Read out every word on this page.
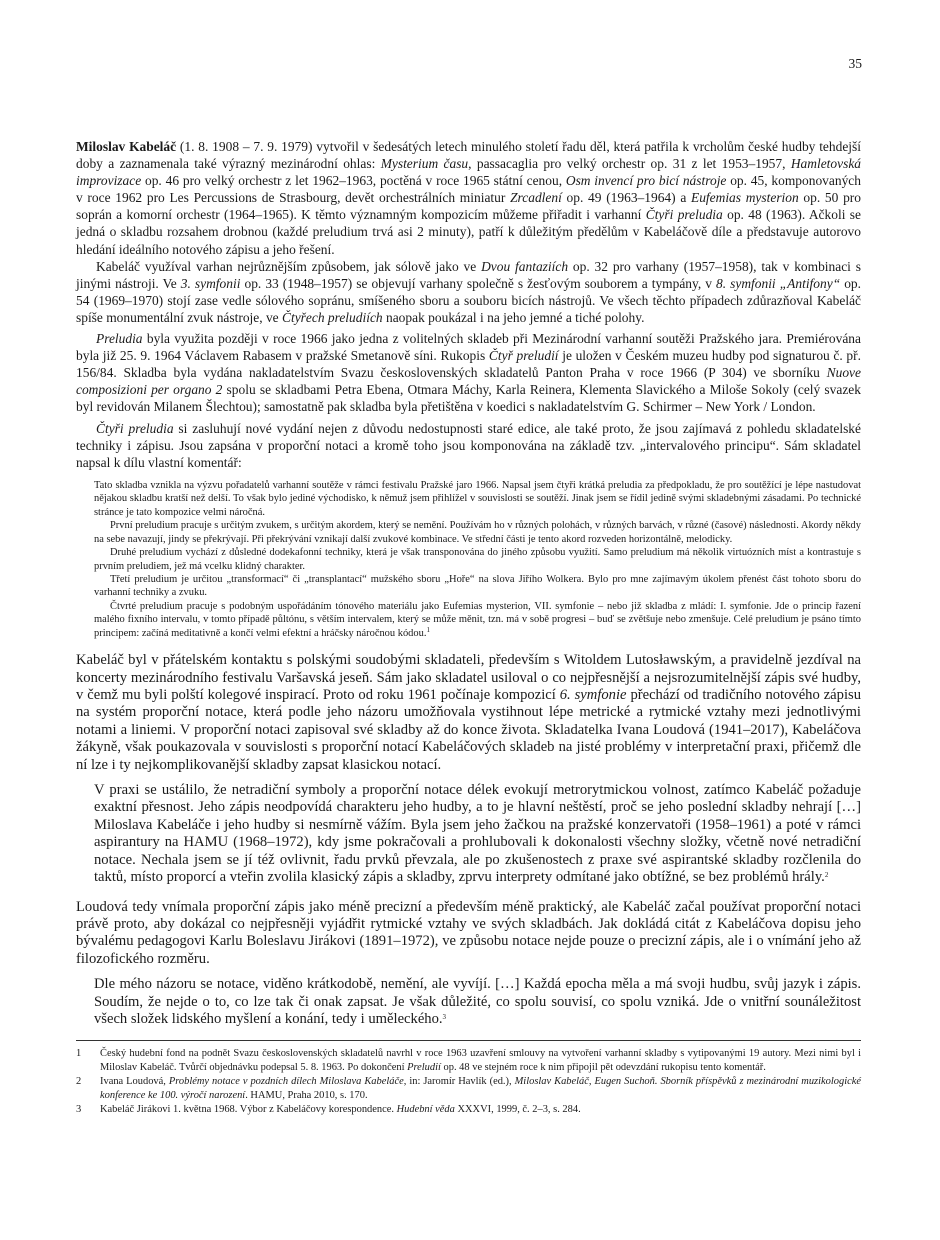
35

Miloslav Kabeláč (1. 8. 1908 – 7. 9. 1979) vytvořil v šedesátých letech minulého století řadu děl, která patřila k vrcholům české hudby tehdejší doby a zaznamenala také výrazný mezinárodní ohlas: Mysterium času, passacaglia pro velký orchestr op. 31 z let 1953–1957, Hamletovská improvizace op. 46 pro velký orchestr z let 1962–1963, poctěná v roce 1965 státní cenou, Osm invencí pro bicí nástroje op. 45, komponovaných v roce 1962 pro Les Percussions de Strasbourg, devět orchestrálních miniatur Zrcadlení op. 49 (1963–1964) a Eufemias mysterion op. 50 pro soprán a komorní orchestr (1964–1965). K těmto významným kompozicím můžeme přiřadit i varhanní Čtyři preludia op. 48 (1963). Ačkoli se jedná o skladbu rozsahem drobnou (každé preludium trvá asi 2 minuty), patří k důležitým předělům v Kabeláčově díle a představuje autorovo hledání ideálního notového zápisu a jeho řešení.

Kabeláč využíval varhan nejrůznějším způsobem, jak sólově jako ve Dvou fantaziích op. 32 pro varhany (1957–1958), tak v kombinaci s jinými nástroji. Ve 3. symfonii op. 33 (1948–1957) se objevují varhany společně s žesťovým souborem a tympány, v 8. symfonii „Antifony“ op. 54 (1969–1970) stojí zase vedle sólového sopránu, smíšeného sboru a souboru bicích nástrojů. Ve všech těchto případech zdůrazňoval Kabeláč spíše monumentální zvuk nástroje, ve Čtyřech preludiích naopak poukázal i na jeho jemné a tiché polohy.

Preludia byla využita později v roce 1966 jako jedna z volitelných skladeb při Mezinárodní varhanní soutěži Pražského jara. Premiérována byla již 25. 9. 1964 Václavem Rabasem v pražské Smetanově síni. Rukopis Čtyř preludií je uložen v Českém muzeu hudby pod signaturou č. př. 156/84. Skladba byla vydána nakladatelstvím Svazu československých skladatelů Panton Praha v roce 1966 (P 304) ve sborníku Nuove composizioni per organo 2 spolu se skladbami Petra Ebena, Otmara Máchy, Karla Reinera, Klementa Slavického a Miloše Sokoly (celý svazek byl revidován Milanem Šlechtou); samostatně pak skladba byla přetištěna v koedici s nakladatelstvím G. Schirmer – New York / London.

Čtyři preludia si zasluhují nové vydání nejen z důvodu nedostupnosti staré edice, ale také proto, že jsou zajímavá z pohledu skladatelské techniky i zápisu. Jsou zapsána v proporční notaci a kromě toho jsou komponována na základě tzv. „intervalového principu“. Sám skladatel napsal k dílu vlastní komentář:

Tato skladba vznikla na výzvu pořadatelů varhanní soutěže v rámci festivalu Pražské jaro 1966. Napsal jsem čtyři krátká preludia za předpokladu, že pro soutěžící je lépe nastudovat nějakou skladbu kratší než delší. To však bylo jediné východisko, k němuž jsem přihlížel v souvislosti se soutěží. Jinak jsem se řídil jedině svými skladebnými zásadami. Po technické stránce je tato kompozice velmi náročná.

První preludium pracuje s určitým zvukem, s určitým akordem, který se nemění. Používám ho v různých polohách, v různých barvách, v různé (časové) následnosti. Akordy někdy na sebe navazují, jindy se překrývají. Při překrývání vznikají další zvukové kombinace. Ve střední části je tento akord rozveden horizontálně, melodicky.

Druhé preludium vychází z důsledné dodekafonní techniky, která je však transponována do jiného způsobu využití. Samo preludium má několik virtuózních míst a kontrastuje s prvním preludiem, jež má vcelku klidný charakter.

Třetí preludium je určitou „transformací“ či „transplantací“ mužského sboru „Hoře“ na slova Jiřího Wolkera. Bylo pro mne zajímavým úkolem přenést část tohoto sboru do varhanní techniky a zvuku.

Čtvrté preludium pracuje s podobným uspořádáním tónového materiálu jako Eufemias mysterion, VII. symfonie – nebo již skladba z mládí: I. symfonie. Jde o princip řazení malého fixního intervalu, v tomto případě půltónu, s větším intervalem, který se může měnit, tzn. má v sobě progresi – buď se zvětšuje nebo zmenšuje. Celé preludium je psáno tímto principem: začíná meditativně a končí velmi efektní a hráčsky náročnou kódou.$^1$

Kabeláč byl v přátelském kontaktu s polskými soudobými skladateli, především s Witoldem Lutosławským, a pravidelně jezdíval na koncerty mezinárodního festivalu Varšavská jeseň. Sám jako skladatel usiloval o co nejpřesnější a nejsrozumitelnější zápis své hudby, v čemž mu byli polští kolegové inspirací. Proto od roku 1961 počínaje kompozicí 6. symfonie přechází od tradičního notového zápisu na systém proporční notace, která podle jeho názoru umožňovala vystihnout lépe metrické a rytmické vztahy mezi jednotlivými notami a liniemi. V proporční notaci zapisoval své skladby až do konce života. Skladatelka Ivana Loudová (1941–2017), Kabeláčova žákyně, však poukazovala v souvislosti s proporční notací Kabeláčových skladeb na jisté problémy v interpretační praxi, přičemž dle ní lze i ty nejkomplikovanější skladby zapsat klasickou notací.

V praxi se ustálilo, že netradiční symboly a proporční notace délek evokují metrorytmickou volnost, zatímco Kabeláč požaduje exaktní přesnost. Jeho zápis neodpovídá charakteru jeho hudby, a to je hlavní neštěstí, proč se jeho poslední skladby nehrají […] Miloslava Kabeláče i jeho hudby si nesmírně vážím. Byla jsem jeho žačkou na pražské konzervatoři (1958–1961) a poté v rámci aspirantury na HAMU (1968–1972), kdy jsme pokračovali a prohlubovali k dokonalosti všechny složky, včetně nové netradiční notace. Nechala jsem se jí též ovlivnit, řadu prvků převzala, ale po zkušenostech z praxe své aspirantské skladby rozčlenila do taktů, místo proporcí a vteřin zvolila klasický zápis a skladby, zprvu interprety odmítané jako obtížné, se bez problémů hrály.$^2$

Loudová tedy vnímala proporční zápis jako méně precizní a především méně praktický, ale Kabeláč začal používat proporční notaci právě proto, aby dokázal co nejpřesněji vyjádřit rytmické vztahy ve svých skladbách. Jak dokládá citát z Kabeláčova dopisu jeho bývalému pedagogovi Karlu Boleslavu Jirákovi (1891–1972), ve způsobu notace nejde pouze o precizní zápis, ale i o vnímání jeho až filozofického rozměru.

Dle mého názoru se notace, viděno krátkodobě, nemění, ale vyvíjí. […] Každá epocha měla a má svoji hudbu, svůj jazyk i zápis. Soudím, že nejde o to, co lze tak či onak zapsat. Je však důležité, co spolu souvisí, co spolu vzniká. Jde o vnitřní sounáležitost všech složek lidského myšlení a konání, tedy i uměleckého.$^3$

1	Český hudební fond na podnět Svazu československých skladatelů navrhl v roce 1963 uzavření smlouvy na vytvoření varhanní skladby s vytipovanými 19 autory. Mezi nimi byl i Miloslav Kabeláč. Tvůrčí objednávku podepsal 5. 8. 1963. Po dokončení Preludií op. 48 ve stejném roce k nim připojil pět odevzdání rukopisu tento komentář.
2	Ivana Loudová, Problémy notace v pozdních dílech Miloslava Kabeláče, in: Jaromír Havlík (ed.), Miloslav Kabeláč, Eugen Suchoň. Sborník příspěvků z mezinárodní muzikologické konference ke 100. výročí narození. HAMU, Praha 2010, s. 170.
3	Kabeláč Jirákovi 1. května 1968. Výbor z Kabeláčovy korespondence. Hudební věda XXXVI, 1999, č. 2–3, s. 284.
